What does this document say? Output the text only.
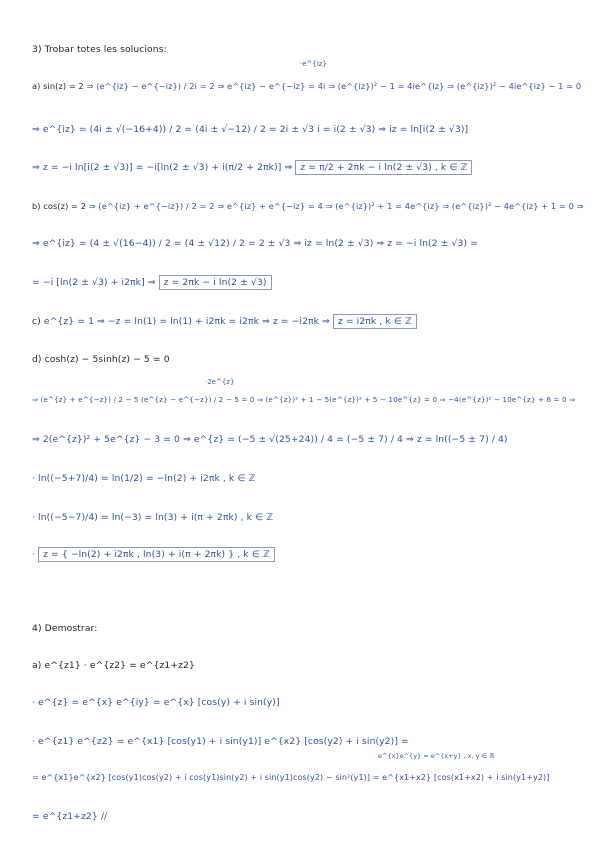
3) Trobar totes les solucions:
·e^{iz}
a) sin(z) = 2 ⇒ (e^{iz} − e^{−iz}) / 2i = 2 ⇒ e^{iz} − e^{−iz} = 4i ⇒ (e^{iz})² − 1 = 4ie^{iz} ⇒ (e^{iz})² − 4ie^{iz} − 1 = 0
⇒ e^{iz} = (4i ± √(−16+4)) / 2 = (4i ± √−12) / 2 = 2i ± √3 i = i(2 ± √3) ⇒ iz = ln[i(2 ± √3)]
⇒ z = −i ln[i(2 ± √3)] = −i[ln(2 ± √3) + i(π/2 + 2πk)] ⇒ z = π/2 + 2πk − i ln(2 ± √3) , k ∈ ℤ
b) cos(z) = 2 ⇒ (e^{iz} + e^{−iz}) / 2 = 2 ⇒ e^{iz} + e^{−iz} = 4 ⇒ (e^{iz})² + 1 = 4e^{iz} ⇒ (e^{iz})² − 4e^{iz} + 1 = 0 ⇒
⇒ e^{iz} = (4 ± √(16−4)) / 2 = (4 ± √12) / 2 = 2 ± √3 ⇒ iz = ln(2 ± √3) ⇒ z = −i ln(2 ± √3) =
= −i [ln(2 ± √3) + i2πk] ⇒ z = 2πk − i ln(2 ± √3)
c) e^{z} = 1 ⇒ −z = ln(1) = ln(1) + i2πk = i2πk ⇒ z = −i2πk ⇒ z = i2πk , k ∈ ℤ
d) cosh(z) − 5sinh(z) − 5 = 0
·2e^{z}
⇒ (e^{z} + e^{−z}) / 2 − 5 (e^{z} − e^{−z}) / 2 − 5 = 0 ⇒ (e^{z})² + 1 − 5(e^{z})² + 5 − 10e^{z} = 0 ⇒ −4(e^{z})² − 10e^{z} + 6 = 0 ⇒
⇒ 2(e^{z})² + 5e^{z} − 3 = 0 ⇒ e^{z} = (−5 ± √(25+24)) / 4 = (−5 ± 7) / 4 ⇒ z = ln((−5 ± 7) / 4)
· ln((−5+7)/4) = ln(1/2) = −ln(2) + i2πk , k ∈ ℤ
· ln((−5−7)/4) = ln(−3) = ln(3) + i(π + 2πk) , k ∈ ℤ
· z = { −ln(2) + i2πk , ln(3) + i(π + 2πk) } , k ∈ ℤ
4) Demostrar:
a) e^{z1} · e^{z2} = e^{z1+z2}
· e^{z} = e^{x} e^{iy} = e^{x} [cos(y) + i sin(y)]
· e^{z1} e^{z2} = e^{x1} [cos(y1) + i sin(y1)] e^{x2} [cos(y2) + i sin(y2)] =
e^{x}e^{y} = e^{x+y} , x, y ∈ ℝ
= e^{x1}e^{x2} [cos(y1)cos(y2) + i cos(y1)sin(y2) + i sin(y1)cos(y2) − sin²(y1)] = e^{x1+x2} [cos(x1+x2) + i sin(y1+y2)]
= e^{z1+z2} //
